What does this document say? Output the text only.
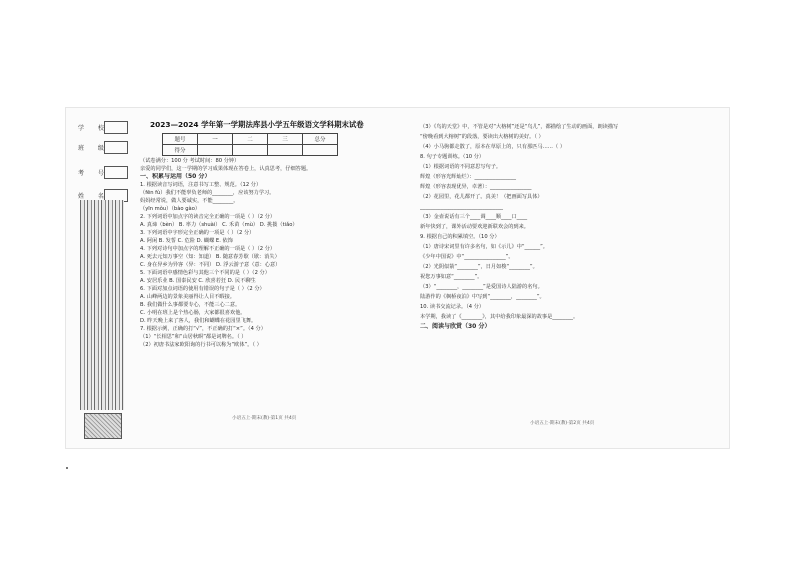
学 校
班 级
考 号
姓 名
2023—2024 学年第一学期法库县小学五年级语文学科期末试卷
题号	一	二	三	总分
得分				

（试卷满分：100 分 考试时间：80 分钟）

亲爱的同学们，这一学期的学习成果体现在答卷上，认真思考，仔细答题。

一、积累与运用（50 分）

1. 根据读音写词语，注意书写工整、规范。（12 分）

（fēn fù）我们不能辜负老师的________，应该努力学习。

妈妈经常说，做人要诚实，不能________。

（yīn mǒu）（bào ɡào）

2. 下列词语中加点字的读音完全正确的一项是（ ）（2 分）

A. 真谛（bèn） B. 率力（shuài） C. 禾苗（mù） D. 挑拨（tiǎo）

3. 下列词语中字形完全正确的一项是（ ）（2 分）

A. 阿闲 B. 发誓 C. 危险 D. 蝴蝶 E. 依饰

4. 下列对诗句中加点字的理解不正确的一项是（ ）（2 分）

A. 死去元知万事空（知：知道） B. 随意春芳歇（歇：消失）

C. 身在异乡为异客（异：不同） D. 浮云游子意（意：心意）

5. 下面词语中感情色彩与其他三个不同的是（ ）（2 分）

A. 安居乐业 B. 国泰民安 C. 欣喜若狂 D. 民不聊生

6. 下面对加点词语的使用有错误的句子是（ ）（2 分）

A. 山峰两边的景象美丽得让人目不暇接。

B. 我们做什么事都要专心，不能三心二意。

C. 小明在班上是个热心肠，大家都很喜欢他。

D. 昨天晚上来了客人，我们和蝴蝶在花园里飞舞。

7. 根据示例，正确的打“√”，不正确的打“×”。（4 分）

（1）“长相思”和“山居秋暝”都是词牌名。（ ）

（2）初唐书法家欧阳询的行书可以称为“欧体”。（ ）

（3）《鸟的天堂》中，不管是对“大榕树”还是“鸟儿”，都描绘了生动的画面，朗读描写

“傍晚看到大榕树”的段落，要读出大榕树的美好。（ ）

（4）小马驹都走散了，原本在草原上的，只有那匹马……（ ）

8. 句子专题训练。（10 分）

（1）根据词语的不同意思写句子。

辉煌（形容光辉灿烂）：________________

辉煌（形容表现优异，卓著）：________________

（2）花园里，花儿都开了。真美！（把画面写具体）

________________________________

（3）金壶说话有三个____调____顺____口____

新年快到了，课外活动要欢迎新联欢会的到来。

9. 根据自己的积累填空。（10 分）

（1）唐诗宋词里有许多名句，如《示儿》中“______”。

《少年中国说》中“________________”。

（2）光阴似箭“________”，日月如梭“________”。

祝您万事如意“________”。

（3）“________，________”是爱国诗人陆游的名句。

陆游作的《枫桥夜泊》中写到“________，________”。

10. 读书交流记录。（4 分）

本学期，我读了《________》，其中给我印象最深的故事是________。

二、阅读与欣赏（30 分）

小语五上·期末(教)·第1页 共4页
小语五上·期末(教)·第2页 共4页
